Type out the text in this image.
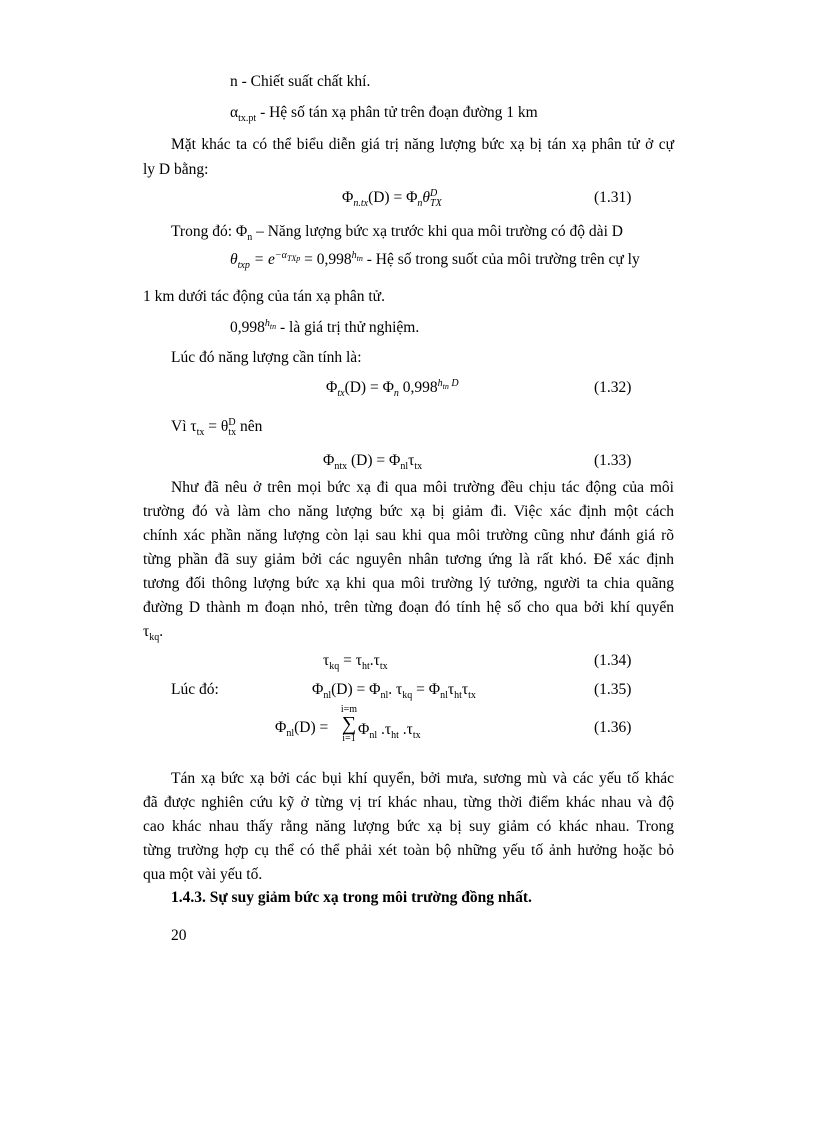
n - Chiết suất chất khí.
$\alpha_{tx.pt}$ - Hệ số tán xạ phân tử trên đoạn đường 1 km
Mặt khác ta có thể biểu diễn giá trị năng lượng bức xạ bị tán xạ phân tử ở cự
ly D bằng:
$\Phi_{n.tx}(D) = \Phi_n\theta$ D
TX	(1.31)
Trong đó: $\Phi_n$ – Năng lượng bức xạ trước khi qua môi trường có độ dài D
$\theta_{txp} = e^{-\alpha_{TXp}} = 0,998^{h_{tn}}$ - Hệ số trong suốt của môi trường trên cự ly
1 km dưới tác động của tán xạ phân tử.
$0,998^{h_{tn}}$ - là giá trị thử nghiệm.
Lúc đó năng lượng cần tính là:
$\Phi_{tx}(D) = \Phi_n$ $0,998^{h_{tn} D}$	(1.32)
Vì $\tau_{tx} = \theta$ D
tx nên
$\Phi_{ntx}$ $(D) = \Phi_{nl}\tau_{tx}$	(1.33)
Như đã nêu ở trên mọi bức xạ đi qua môi trường đều chịu tác động của môi
trường đó và làm cho năng lượng bức xạ bị giảm đi. Việc xác định một cách
chính xác phần năng lượng còn lại sau khi qua môi trường cũng như đánh giá rõ
từng phần đã suy giảm bởi các nguyên nhân tương ứng là rất khó. Để xác định
tương đối thông lượng bức xạ khi qua môi trường lý tưởng, người ta chia quãng
đường D thành m đoạn nhỏ, trên từng đoạn đó tính hệ số cho qua bởi khí quyển
$\tau_{kq}$.
$\tau_{kq} = \tau_{ht}.\tau_{tx}$	(1.34)
Lúc đó:	$\Phi_{nl}(D) = \Phi_{nl}$. $\tau_{kq} = \Phi_{nl}\tau_{ht}\tau_{tx}$	(1.35)
$\Phi_{nl}(D)$ =
i=m
∑
i=1
$\Phi_{nl}$ $.\tau_{ht}$ $.\tau_{tx}$	(1.36)
Tán xạ bức xạ bởi các bụi khí quyển, bởi mưa, sương mù và các yếu tố khác
đã được nghiên cứu kỹ ở từng vị trí khác nhau, từng thời điểm khác nhau và độ
cao khác nhau thấy rằng năng lượng bức xạ bị suy giảm có khác nhau. Trong
từng trường hợp cụ thể có thể phải xét toàn bộ những yếu tố ảnh hưởng hoặc bỏ
qua một vài yếu tố.
1.4.3. Sự suy giảm bức xạ trong môi trường đồng nhất.
20
